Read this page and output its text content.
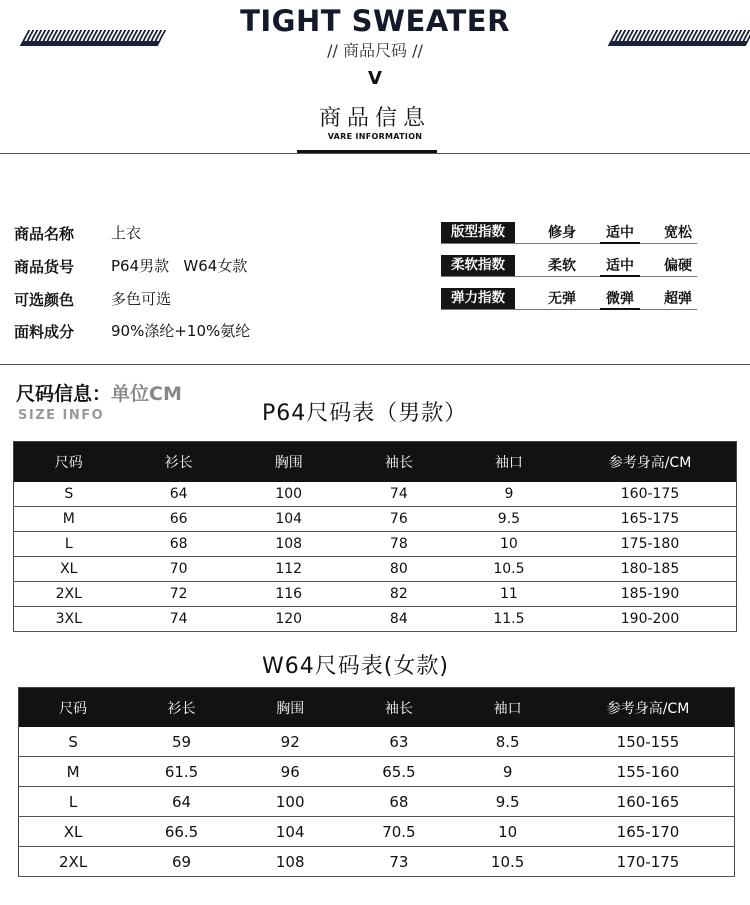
TIGHT SWEATER
// 商品尺码 //
V
商品信息
VARE INFORMATION
商品名称 上衣
商品货号 P64男款   W64女款
可选颜色 多色可选
面料成分 90%涤纶+10%氨纶
版型指数	修身	适中	宽松
柔软指数	柔软	适中	偏硬
弹力指数	无弹	微弹	超弹
尺码信息：单位CM
SIZE INFO	P64尺码表（男款）
尺码	衫长	胸围	袖长	袖口	参考身高/CM
S	64	100	74	9	160-175
M	66	104	76	9.5	165-175
L	68	108	78	10	175-180
XL	70	112	80	10.5	180-185
2XL	72	116	82	11	185-190
3XL	74	120	84	11.5	190-200
W64尺码表(女款)
尺码	衫长	胸围	袖长	袖口	参考身高/CM
S	59	92	63	8.5	150-155
M	61.5	96	65.5	9	155-160
L	64	100	68	9.5	160-165
XL	66.5	104	70.5	10	165-170
2XL	69	108	73	10.5	170-175
